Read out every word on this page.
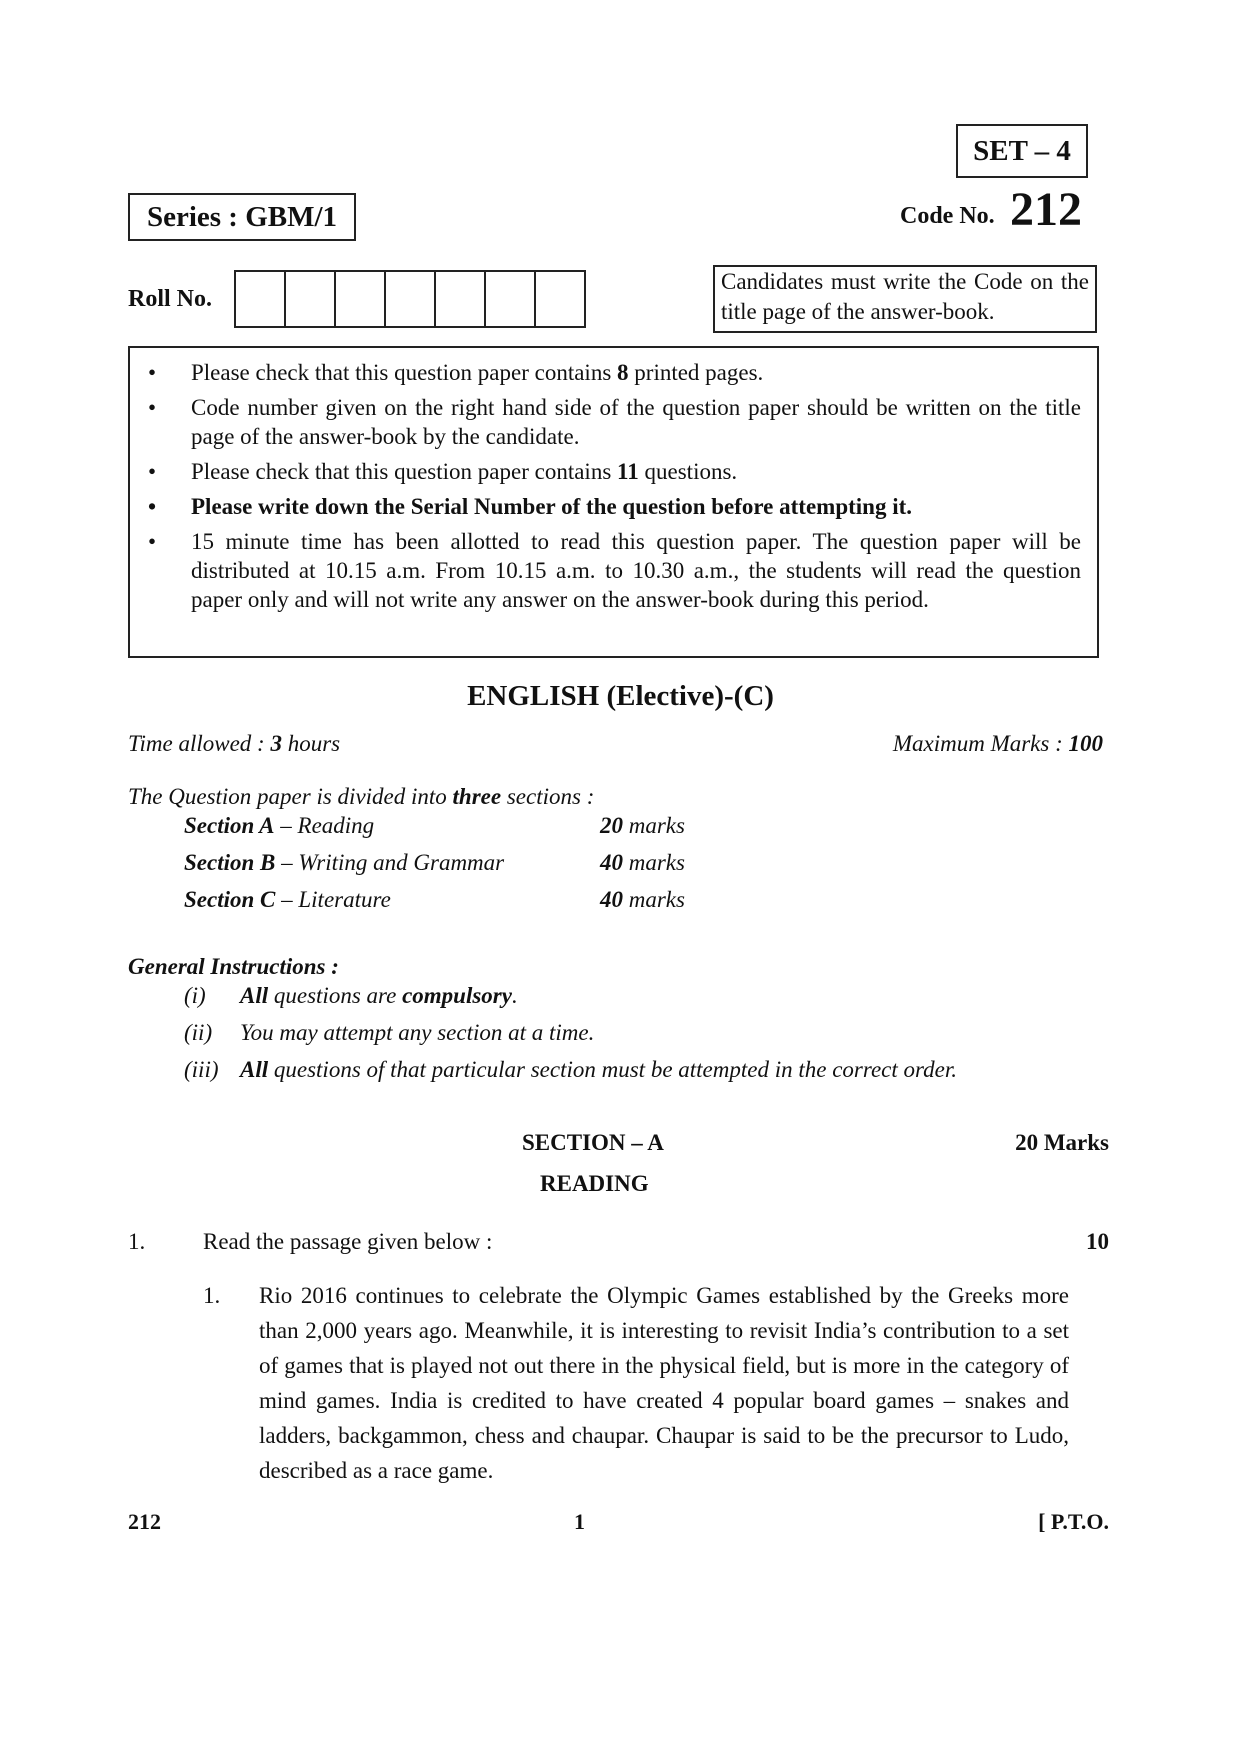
SET – 4
Series : GBM/1	Code No. 212
Roll No.
Candidates must write the Code on the title page of the answer-book.
• Please check that this question paper contains 8 printed pages.
• Code number given on the right hand side of the question paper should be written on the title page of the answer-book by the candidate.
• Please check that this question paper contains 11 questions.
• Please write down the Serial Number of the question before attempting it.
• 15 minute time has been allotted to read this question paper. The question paper will be distributed at 10.15 a.m. From 10.15 a.m. to 10.30 a.m., the students will read the question paper only and will not write any answer on the answer-book during this period.
ENGLISH (Elective)-(C)
Time allowed : 3 hours	Maximum Marks : 100
The Question paper is divided into three sections :
Section A – Reading	20 marks
Section B – Writing and Grammar	40 marks
Section C – Literature	40 marks
General Instructions :
(i) All questions are compulsory.
(ii) You may attempt any section at a time.
(iii) All questions of that particular section must be attempted in the correct order.
SECTION – A	20 Marks
READING
1.	Read the passage given below :	10
1. Rio 2016 continues to celebrate the Olympic Games established by the Greeks more than 2,000 years ago. Meanwhile, it is interesting to revisit India’s contribution to a set of games that is played not out there in the physical field, but is more in the category of mind games. India is credited to have created 4 popular board games – snakes and ladders, backgammon, chess and chaupar. Chaupar is said to be the precursor to Ludo, described as a race game.
212	1	[ P.T.O.
